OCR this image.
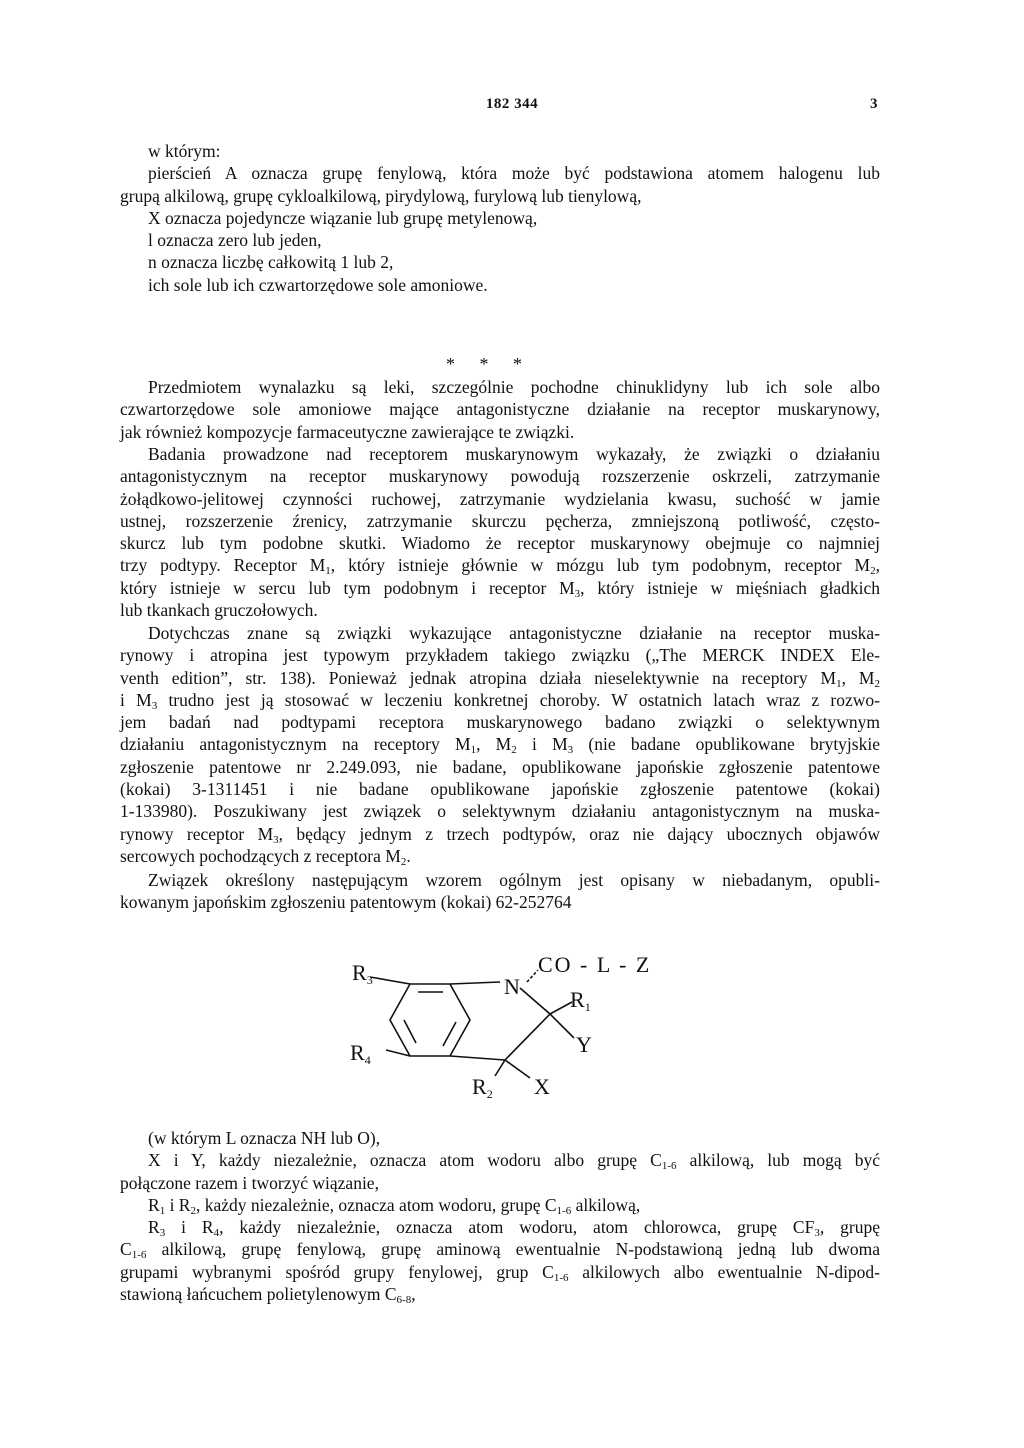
182 344	3
w którym:
pierścień A oznacza grupę fenylową, która może być podstawiona atomem halogenu lub
grupą alkilową, grupę cykloalkilową, pirydylową, furylową lub tienylową,
X oznacza pojedyncze wiązanie lub grupę metylenową,
l oznacza zero lub jeden,
n oznacza liczbę całkowitą 1 lub 2,
ich sole lub ich czwartorzędowe sole amoniowe.
* * *
Przedmiotem wynalazku są leki, szczególnie pochodne chinuklidyny lub ich sole albo
czwartorzędowe sole amoniowe mające antagonistyczne działanie na receptor muskarynowy,
jak również kompozycje farmaceutyczne zawierające te związki.
Badania prowadzone nad receptorem muskarynowym wykazały, że związki o działaniu
antagonistycznym na receptor muskarynowy powodują rozszerzenie oskrzeli, zatrzymanie
żołądkowo-jelitowej czynności ruchowej, zatrzymanie wydzielania kwasu, suchość w jamie
ustnej, rozszerzenie źrenicy, zatrzymanie skurczu pęcherza, zmniejszoną potliwość, często-
skurcz lub tym podobne skutki. Wiadomo że receptor muskarynowy obejmuje co najmniej
trzy podtypy. Receptor $M_1$, który istnieje głównie w mózgu lub tym podobnym, receptor $M_2$,
który istnieje w sercu lub tym podobnym i receptor $M_3$, który istnieje w mięśniach gładkich
lub tkankach gruczołowych.
Dotychczas znane są związki wykazujące antagonistyczne działanie na receptor muska-
rynowy i atropina jest typowym przykładem takiego związku („The MERCK INDEX Ele-
venth edition”, str. 138). Ponieważ jednak atropina działa nieselektywnie na receptory $M_1$, $M_2$
i $M_3$ trudno jest ją stosować w leczeniu konkretnej choroby. W ostatnich latach wraz z rozwo-
jem badań nad podtypami receptora muskarynowego badano związki o selektywnym
działaniu antagonistycznym na receptory $M_1$, $M_2$ i $M_3$ (nie badane opublikowane brytyjskie
zgłoszenie patentowe nr 2.249.093, nie badane, opublikowane japońskie zgłoszenie patentowe
(kokai) 3-1311451 i nie badane opublikowane japońskie zgłoszenie patentowe (kokai)
1-133980). Poszukiwany jest związek o selektywnym działaniu antagonistycznym na muska-
rynowy receptor $M_3$, będący jednym z trzech podtypów, oraz nie dający ubocznych objawów
sercowych pochodzących z receptora $M_2$.
Związek określony następującym wzorem ogólnym jest opisany w niebadanym, opubli-
kowanym japońskim zgłoszeniu patentowym (kokai) 62-252764
R3
R4
N
CO - L - Z
R1
Y
R2 X
(w którym L oznacza NH lub O),
X i Y, każdy niezależnie, oznacza atom wodoru albo grupę $C_{1-6}$ alkilową, lub mogą być
połączone razem i tworzyć wiązanie,
$R_1$ i $R_2$, każdy niezależnie, oznacza atom wodoru, grupę $C_{1-6}$ alkilową,
$R_3$ i $R_4$, każdy niezależnie, oznacza atom wodoru, atom chlorowca, grupę $CF_3$, grupę
$C_{1-6}$ alkilową, grupę fenylową, grupę aminową ewentualnie N-podstawioną jedną lub dwoma
grupami wybranymi spośród grupy fenylowej, grup $C_{1-6}$ alkilowych albo ewentualnie N-dipod-
stawioną łańcuchem polietylenowym $C_{6-8}$,
